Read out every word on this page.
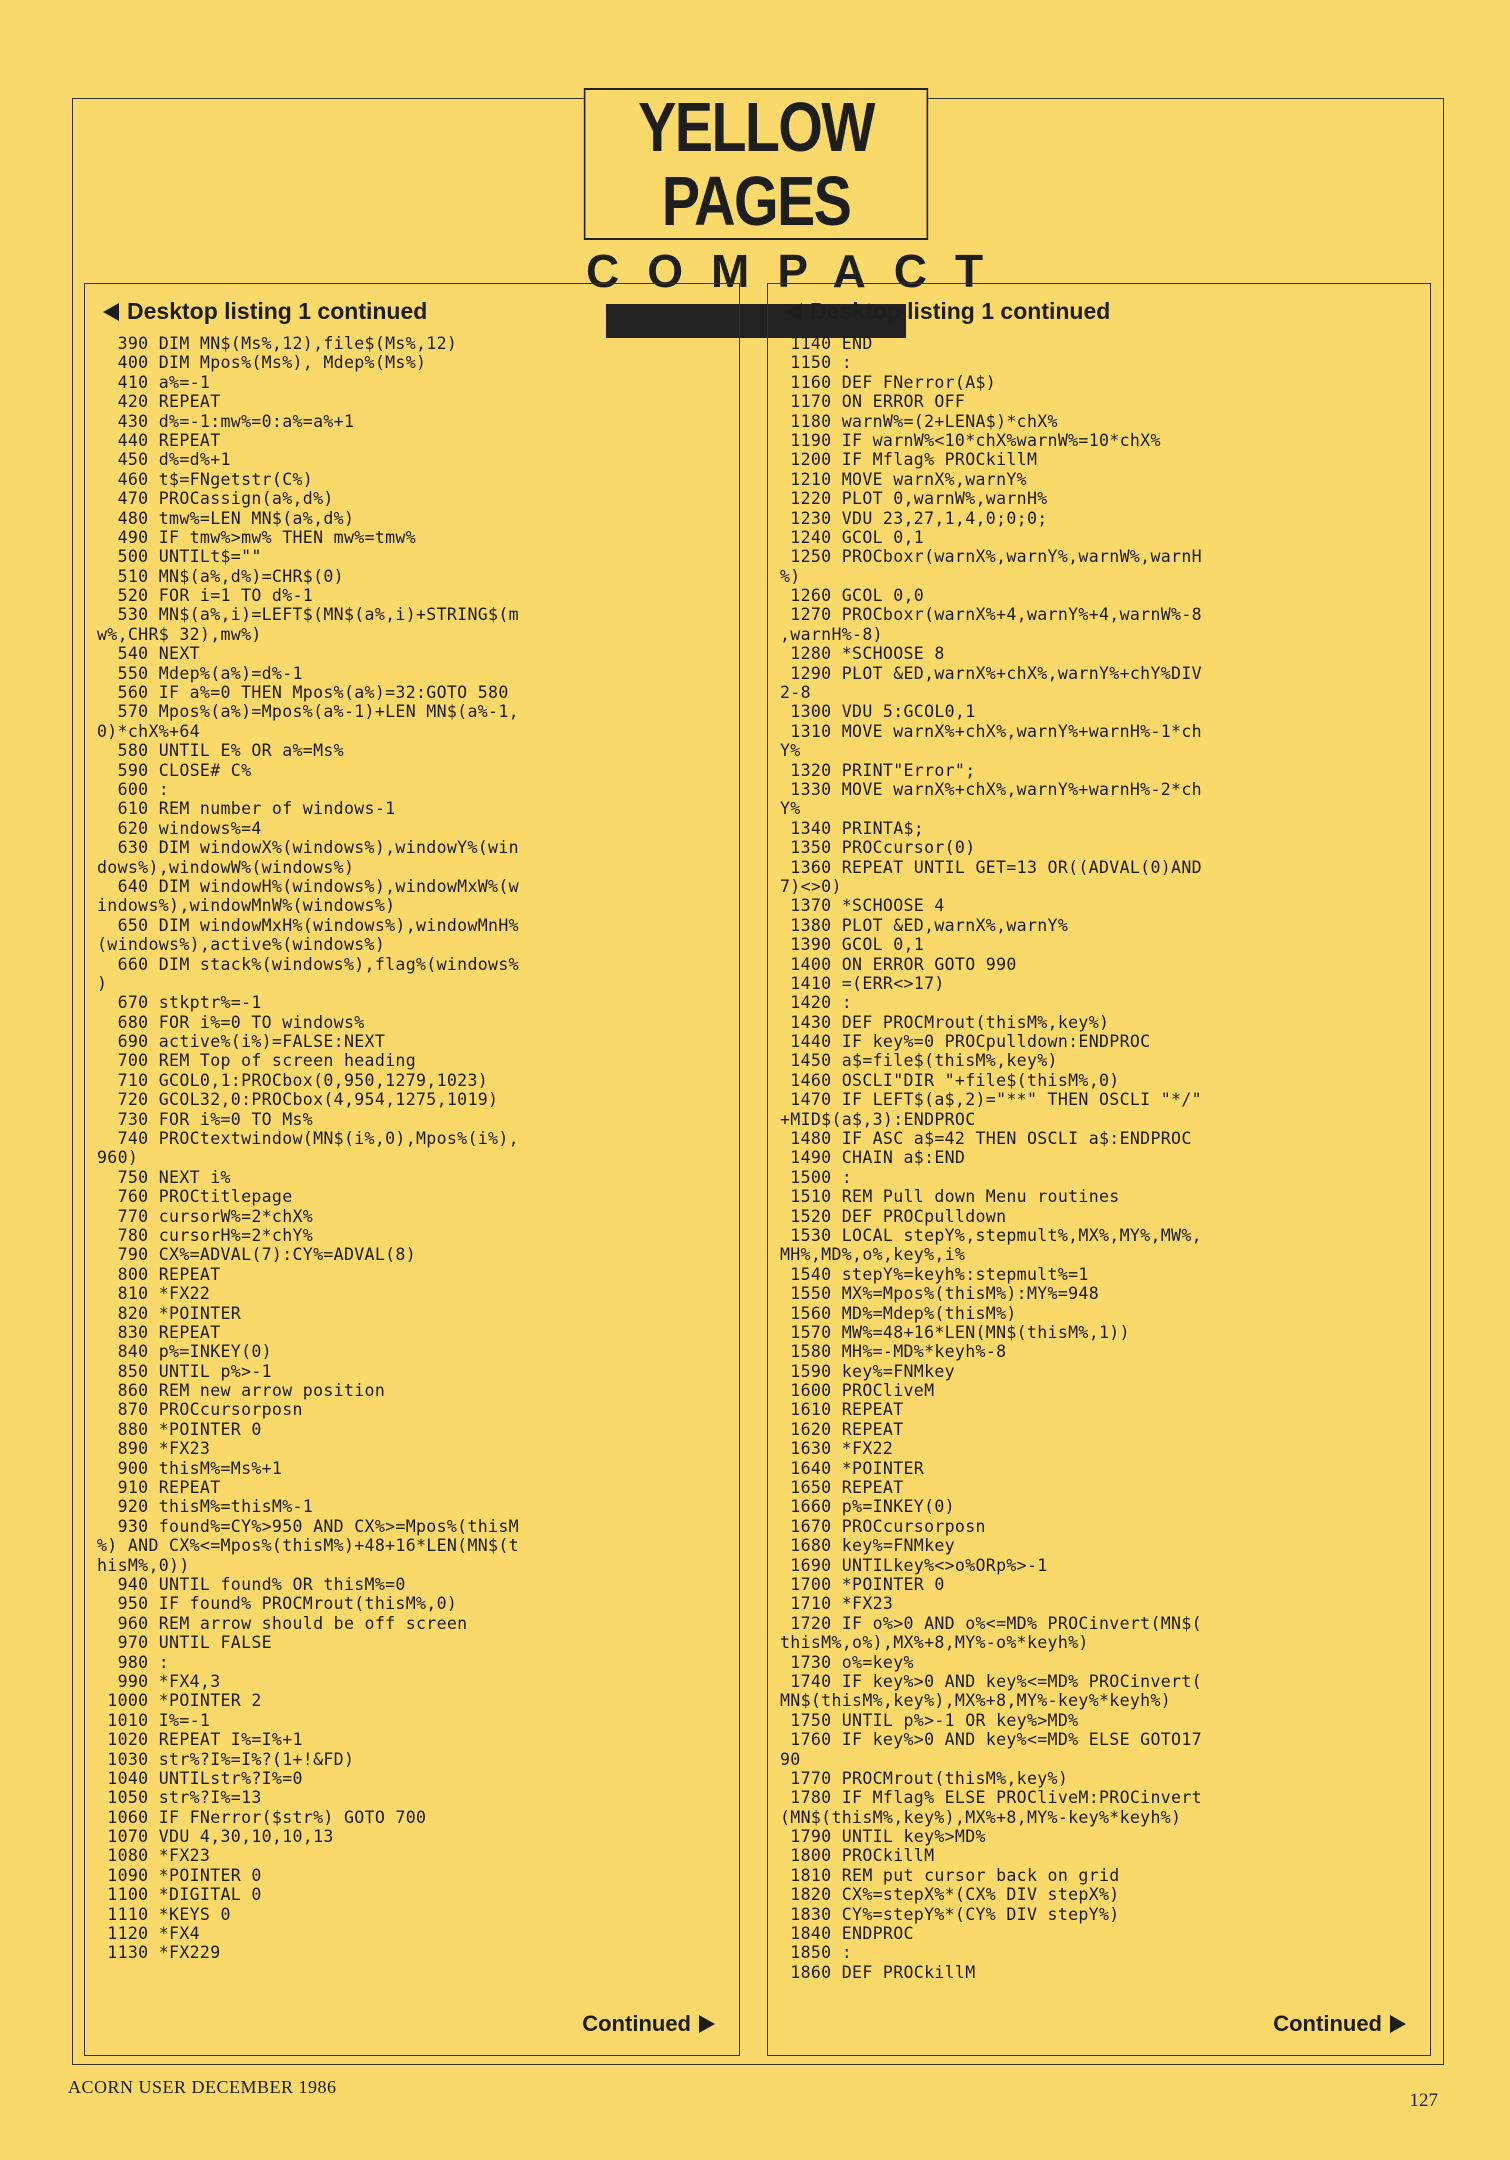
YELLOW PAGES
COMPACT
Desktop listing 1 continued
390 DIM MN$(Ms%,12),file$(Ms%,12)
400 DIM Mpos%(Ms%), Mdep%(Ms%)
410 a%=-1
420 REPEAT
430 d%=-1:mw%=0:a%=a%+1
440 REPEAT
450 d%=d%+1
460 t$=FNgetstr(C%)
470 PROCassign(a%,d%)
480 tmw%=LEN MN$(a%,d%)
490 IF tmw%>mw% THEN mw%=tmw%
500 UNTILt$=""
510 MN$(a%,d%)=CHR$(0)
520 FOR i=1 TO d%-1
530 MN$(a%,i)=LEFT$(MN$(a%,i)+STRING$(m
w%,CHR$ 32),mw%)
540 NEXT
550 Mdep%(a%)=d%-1
560 IF a%=0 THEN Mpos%(a%)=32:GOTO 580
570 Mpos%(a%)=Mpos%(a%-1)+LEN MN$(a%-1,
0)*chX%+64
580 UNTIL E% OR a%=Ms%
590 CLOSE# C%
600 :
610 REM number of windows-1
620 windows%=4
630 DIM windowX%(windows%),windowY%(win
dows%),windowW%(windows%)
640 DIM windowH%(windows%),windowMxW%(w
indows%),windowMnW%(windows%)
650 DIM windowMxH%(windows%),windowMnH%
(windows%),active%(windows%)
660 DIM stack%(windows%),flag%(windows%
)
670 stkptr%=-1
680 FOR i%=0 TO windows%
690 active%(i%)=FALSE:NEXT
700 REM Top of screen heading
710 GCOL0,1:PROCbox(0,950,1279,1023)
720 GCOL32,0:PROCbox(4,954,1275,1019)
730 FOR i%=0 TO Ms%
740 PROCtextwindow(MN$(i%,0),Mpos%(i%),
960)
750 NEXT i%
760 PROCtitlepage
770 cursorW%=2*chX%
780 cursorH%=2*chY%
790 CX%=ADVAL(7):CY%=ADVAL(8)
800 REPEAT
810 *FX22
820 *POINTER
830 REPEAT
840 p%=INKEY(0)
850 UNTIL p%>-1
860 REM new arrow position
870 PROCcursorposn
880 *POINTER 0
890 *FX23
900 thisM%=Ms%+1
910 REPEAT
920 thisM%=thisM%-1
930 found%=CY%>950 AND CX%>=Mpos%(thisM
%) AND CX%<=Mpos%(thisM%)+48+16*LEN(MN$(t
hisM%,0))
940 UNTIL found% OR thisM%=0
950 IF found% PROCMrout(thisM%,0)
960 REM arrow should be off screen
970 UNTIL FALSE
980 :
990 *FX4,3
1000 *POINTER 2
1010 I%=-1
1020 REPEAT I%=I%+1
1030 str%?I%=I%?(1+!&FD)
1040 UNTILstr%?I%=0
1050 str%?I%=13
1060 IF FNerror($str%) GOTO 700
1070 VDU 4,30,10,10,13
1080 *FX23
1090 *POINTER 0
1100 *DIGITAL 0
1110 *KEYS 0
1120 *FX4
1130 *FX229
Continued
Desktop listing 1 continued
1140 END
1150 :
1160 DEF FNerror(A$)
1170 ON ERROR OFF
1180 warnW%=(2+LENA$)*chX%
1190 IF warnW%<10*chX%warnW%=10*chX%
1200 IF Mflag% PROCkillM
1210 MOVE warnX%,warnY%
1220 PLOT 0,warnW%,warnH%
1230 VDU 23,27,1,4,0;0;0;
1240 GCOL 0,1
1250 PROCboxr(warnX%,warnY%,warnW%,warnH
%)
1260 GCOL 0,0
1270 PROCboxr(warnX%+4,warnY%+4,warnW%-8
,warnH%-8)
1280 *SCHOOSE 8
1290 PLOT &ED,warnX%+chX%,warnY%+chY%DIV
2-8
1300 VDU 5:GCOL0,1
1310 MOVE warnX%+chX%,warnY%+warnH%-1*ch
Y%
1320 PRINT"Error";
1330 MOVE warnX%+chX%,warnY%+warnH%-2*ch
Y%
1340 PRINTA$;
1350 PROCcursor(0)
1360 REPEAT UNTIL GET=13 OR((ADVAL(0)AND
7)<>0)
1370 *SCHOOSE 4
1380 PLOT &ED,warnX%,warnY%
1390 GCOL 0,1
1400 ON ERROR GOTO 990
1410 =(ERR<>17)
1420 :
1430 DEF PROCMrout(thisM%,key%)
1440 IF key%=0 PROCpulldown:ENDPROC
1450 a$=file$(thisM%,key%)
1460 OSCLI"DIR "+file$(thisM%,0)
1470 IF LEFT$(a$,2)="**" THEN OSCLI "*/"
+MID$(a$,3):ENDPROC
1480 IF ASC a$=42 THEN OSCLI a$:ENDPROC
1490 CHAIN a$:END
1500 :
1510 REM Pull down Menu routines
1520 DEF PROCpulldown
1530 LOCAL stepY%,stepmult%,MX%,MY%,MW%,
MH%,MD%,o%,key%,i%
1540 stepY%=keyh%:stepmult%=1
1550 MX%=Mpos%(thisM%):MY%=948
1560 MD%=Mdep%(thisM%)
1570 MW%=48+16*LEN(MN$(thisM%,1))
1580 MH%=-MD%*keyh%-8
1590 key%=FNMkey
1600 PROCliveM
1610 REPEAT
1620 REPEAT
1630 *FX22
1640 *POINTER
1650 REPEAT
1660 p%=INKEY(0)
1670 PROCcursorposn
1680 key%=FNMkey
1690 UNTILkey%<>o%ORp%>-1
1700 *POINTER 0
1710 *FX23
1720 IF o%>0 AND o%<=MD% PROCinvert(MN$(
thisM%,o%),MX%+8,MY%-o%*keyh%)
1730 o%=key%
1740 IF key%>0 AND key%<=MD% PROCinvert(
MN$(thisM%,key%),MX%+8,MY%-key%*keyh%)
1750 UNTIL p%>-1 OR key%>MD%
1760 IF key%>0 AND key%<=MD% ELSE GOTO17
90
1770 PROCMrout(thisM%,key%)
1780 IF Mflag% ELSE PROCliveM:PROCinvert
(MN$(thisM%,key%),MX%+8,MY%-key%*keyh%)
1790 UNTIL key%>MD%
1800 PROCkillM
1810 REM put cursor back on grid
1820 CX%=stepX%*(CX% DIV stepX%)
1830 CY%=stepY%*(CY% DIV stepY%)
1840 ENDPROC
1850 :
1860 DEF PROCkillM
Continued
ACORN USER DECEMBER 1986
127
